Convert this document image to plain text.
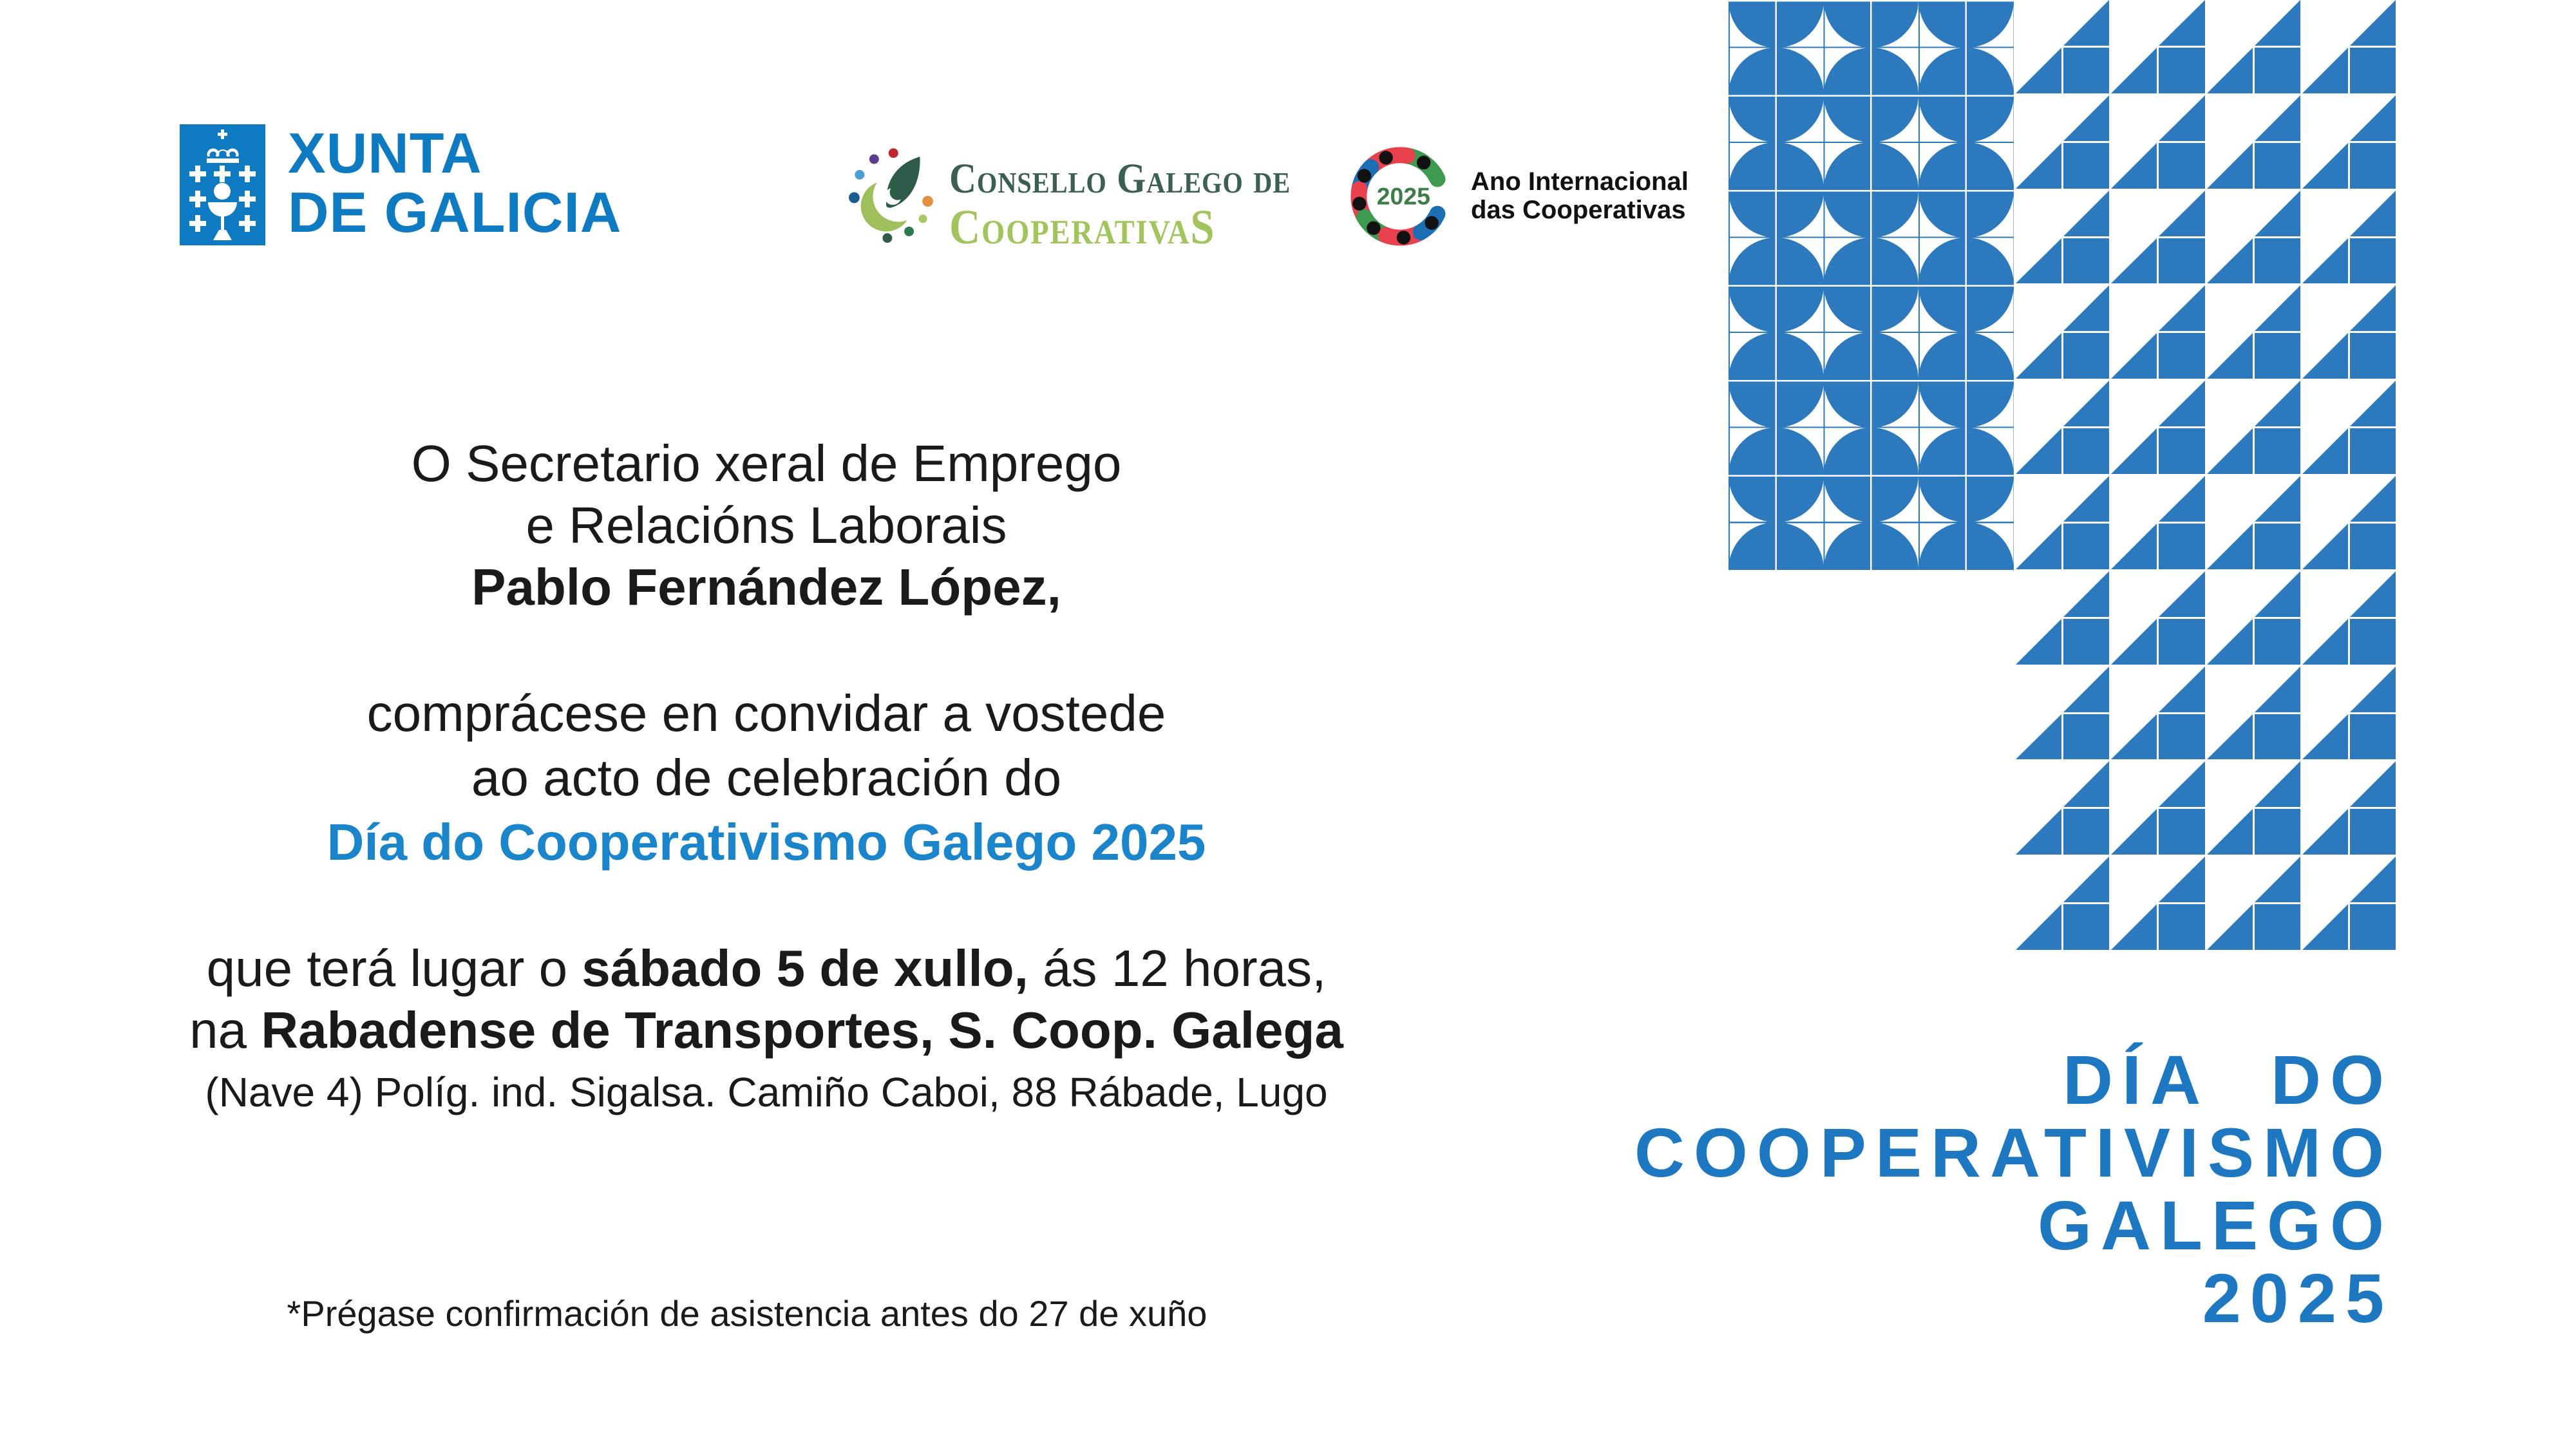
XUNTA
DE GALICIA
Consello Galego de
CooperativaS
2025
Ano Internacional
das Cooperativas
O Secretario xeral de Emprego
e Relacións Laborais
Pablo Fernández López,
comprácese en convidar a vostede
ao acto de celebración do
Día do Cooperativismo Galego 2025
que terá lugar o sábado 5 de xullo, ás 12 horas,
na Rabadense de Transportes, S. Coop. Galega
(Nave 4) Políg. ind. Sigalsa. Camiño Caboi, 88 Rábade, Lugo
*Prégase confirmación de asistencia antes do 27 de xuño
DÍA DO
COOPERATIVISMO
GALEGO
2025
